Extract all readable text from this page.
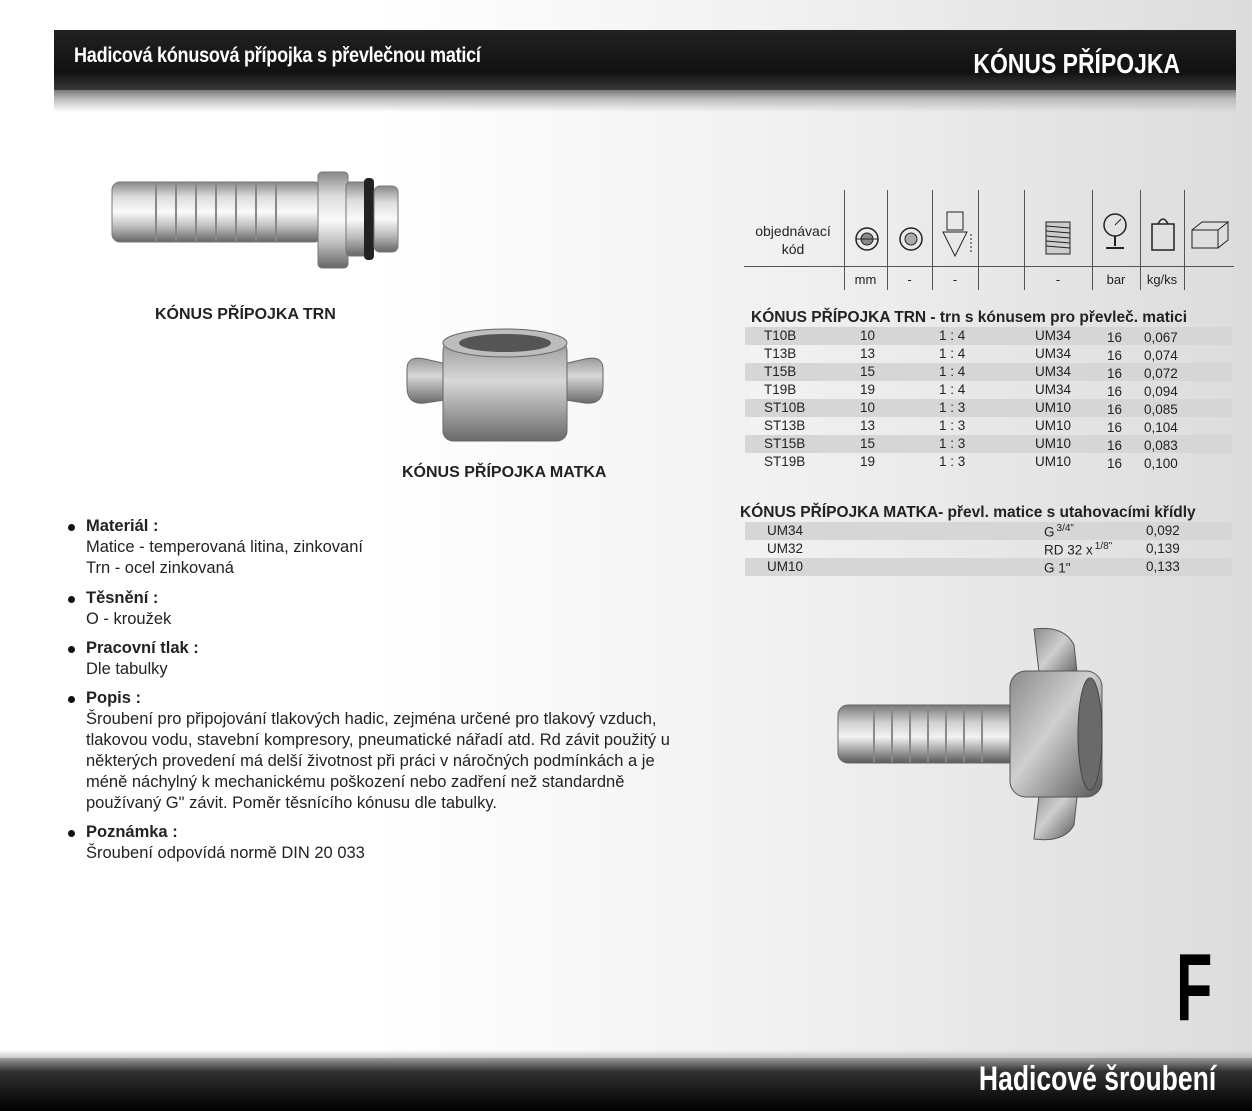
Hadicová kónusová přípojka s převlečnou maticí	KÓNUS PŘÍPOJKA
KÓNUS PŘÍPOJKA TRN
KÓNUS PŘÍPOJKA MATKA
objednávací
kód
mm	-	-	-	bar	kg/ks
KÓNUS PŘÍPOJKA TRN - trn s kónusem pro převleč. matici
T10B	10	1 : 4	UM34	16 0,067
T13B	13	1 : 4	UM34	16 0,074
T15B	15	1 : 4	UM34	16 0,072
T19B	19	1 : 4	UM34	16 0,094
ST10B	10	1 : 3	UM10	16 0,085
ST13B	13	1 : 3	UM10	16 0,104
ST15B	15	1 : 3	UM10	16 0,083
ST19B	19	1 : 3	UM10	16 0,100
KÓNUS PŘÍPOJKA MATKA- převl. matice s utahovacími křídly
UM34	G $^{3/4"}$	0,092
UM32	RD 32 x $^{1/8"}$	0,139
UM10	G 1"	0,133
Materiál :
Matice - temperovaná litina, zinkovaní
Trn - ocel zinkovaná
Těsnění :
O - kroužek
Pracovní tlak :
Dle tabulky
Popis :
Šroubení pro připojování tlakových hadic, zejména určené pro tlakový vzduch,
tlakovou vodu, stavební kompresory, pneumatické nářadí atd. Rd závit použitý u
některých provedení má delší životnost při práci v náročných podmínkách a je
méně náchylný k mechanickému poškození nebo zadření než standardně
používaný G" závit. Poměr těsnícího kónusu dle tabulky.
Poznámka :
Šroubení odpovídá normě DIN 20 033
F
Hadicové šroubení
